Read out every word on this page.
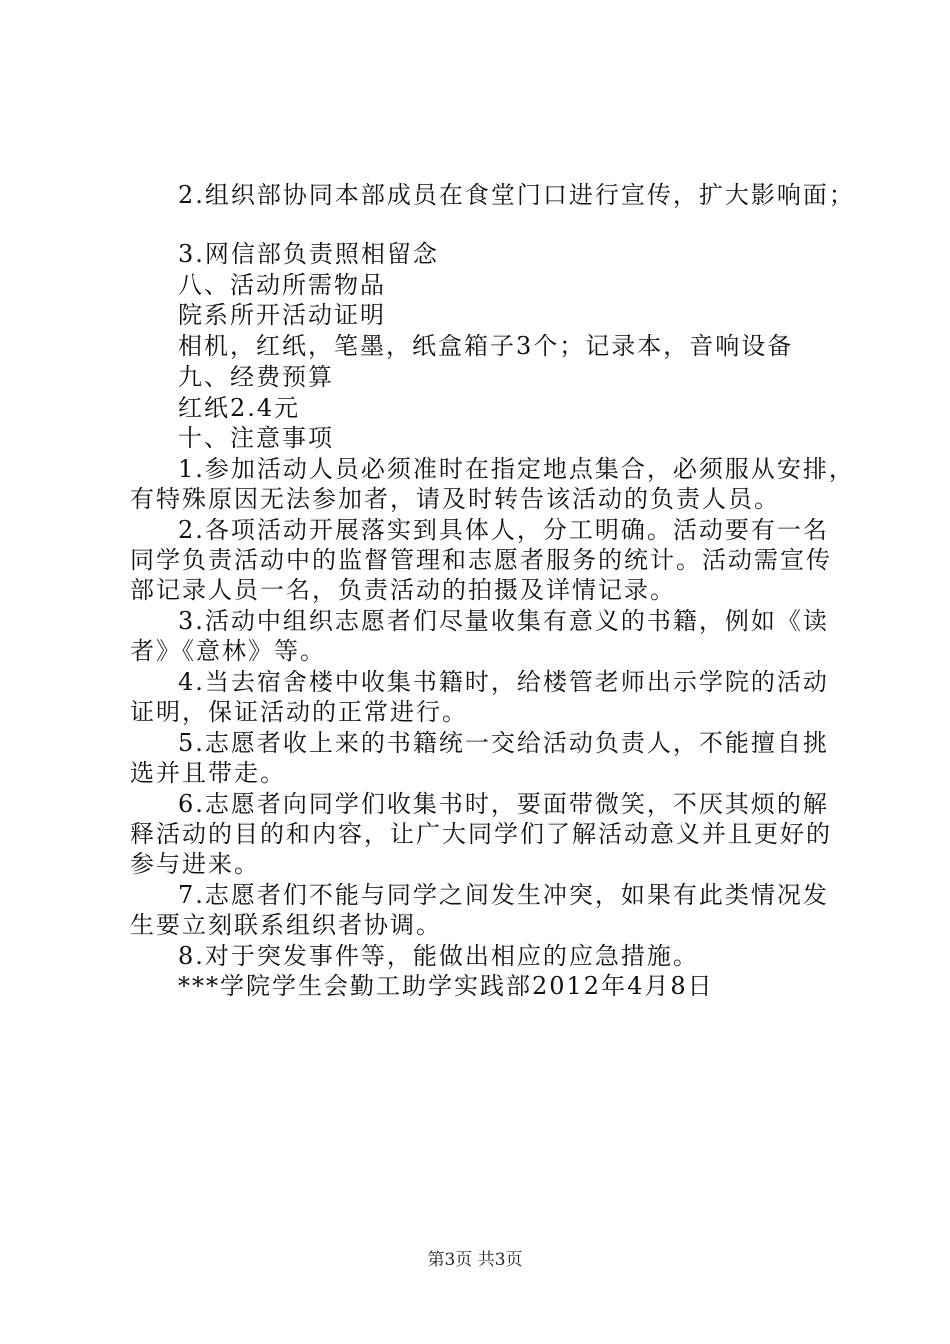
2.组织部协同本部成员在食堂门口进行宣传，扩大影响面；
3.网信部负责照相留念
八、活动所需物品
院系所开活动证明
相机，红纸，笔墨，纸盒箱子3个；记录本，音响设备
九、经费预算
红纸2.4元
十、注意事项
1.参加活动人员必须准时在指定地点集合，必须服从安排，
有特殊原因无法参加者，请及时转告该活动的负责人员。
2.各项活动开展落实到具体人，分工明确。活动要有一名
同学负责活动中的监督管理和志愿者服务的统计。活动需宣传
部记录人员一名，负责活动的拍摄及详情记录。
3.活动中组织志愿者们尽量收集有意义的书籍，例如《读
者》《意林》等。
4.当去宿舍楼中收集书籍时，给楼管老师出示学院的活动
证明，保证活动的正常进行。
5.志愿者收上来的书籍统一交给活动负责人，不能擅自挑
选并且带走。
6.志愿者向同学们收集书时，要面带微笑，不厌其烦的解
释活动的目的和内容，让广大同学们了解活动意义并且更好的
参与进来。
7.志愿者们不能与同学之间发生冲突，如果有此类情况发
生要立刻联系组织者协调。
8.对于突发事件等，能做出相应的应急措施。
***学院学生会勤工助学实践部2012年4月8日
第3页 共3页
